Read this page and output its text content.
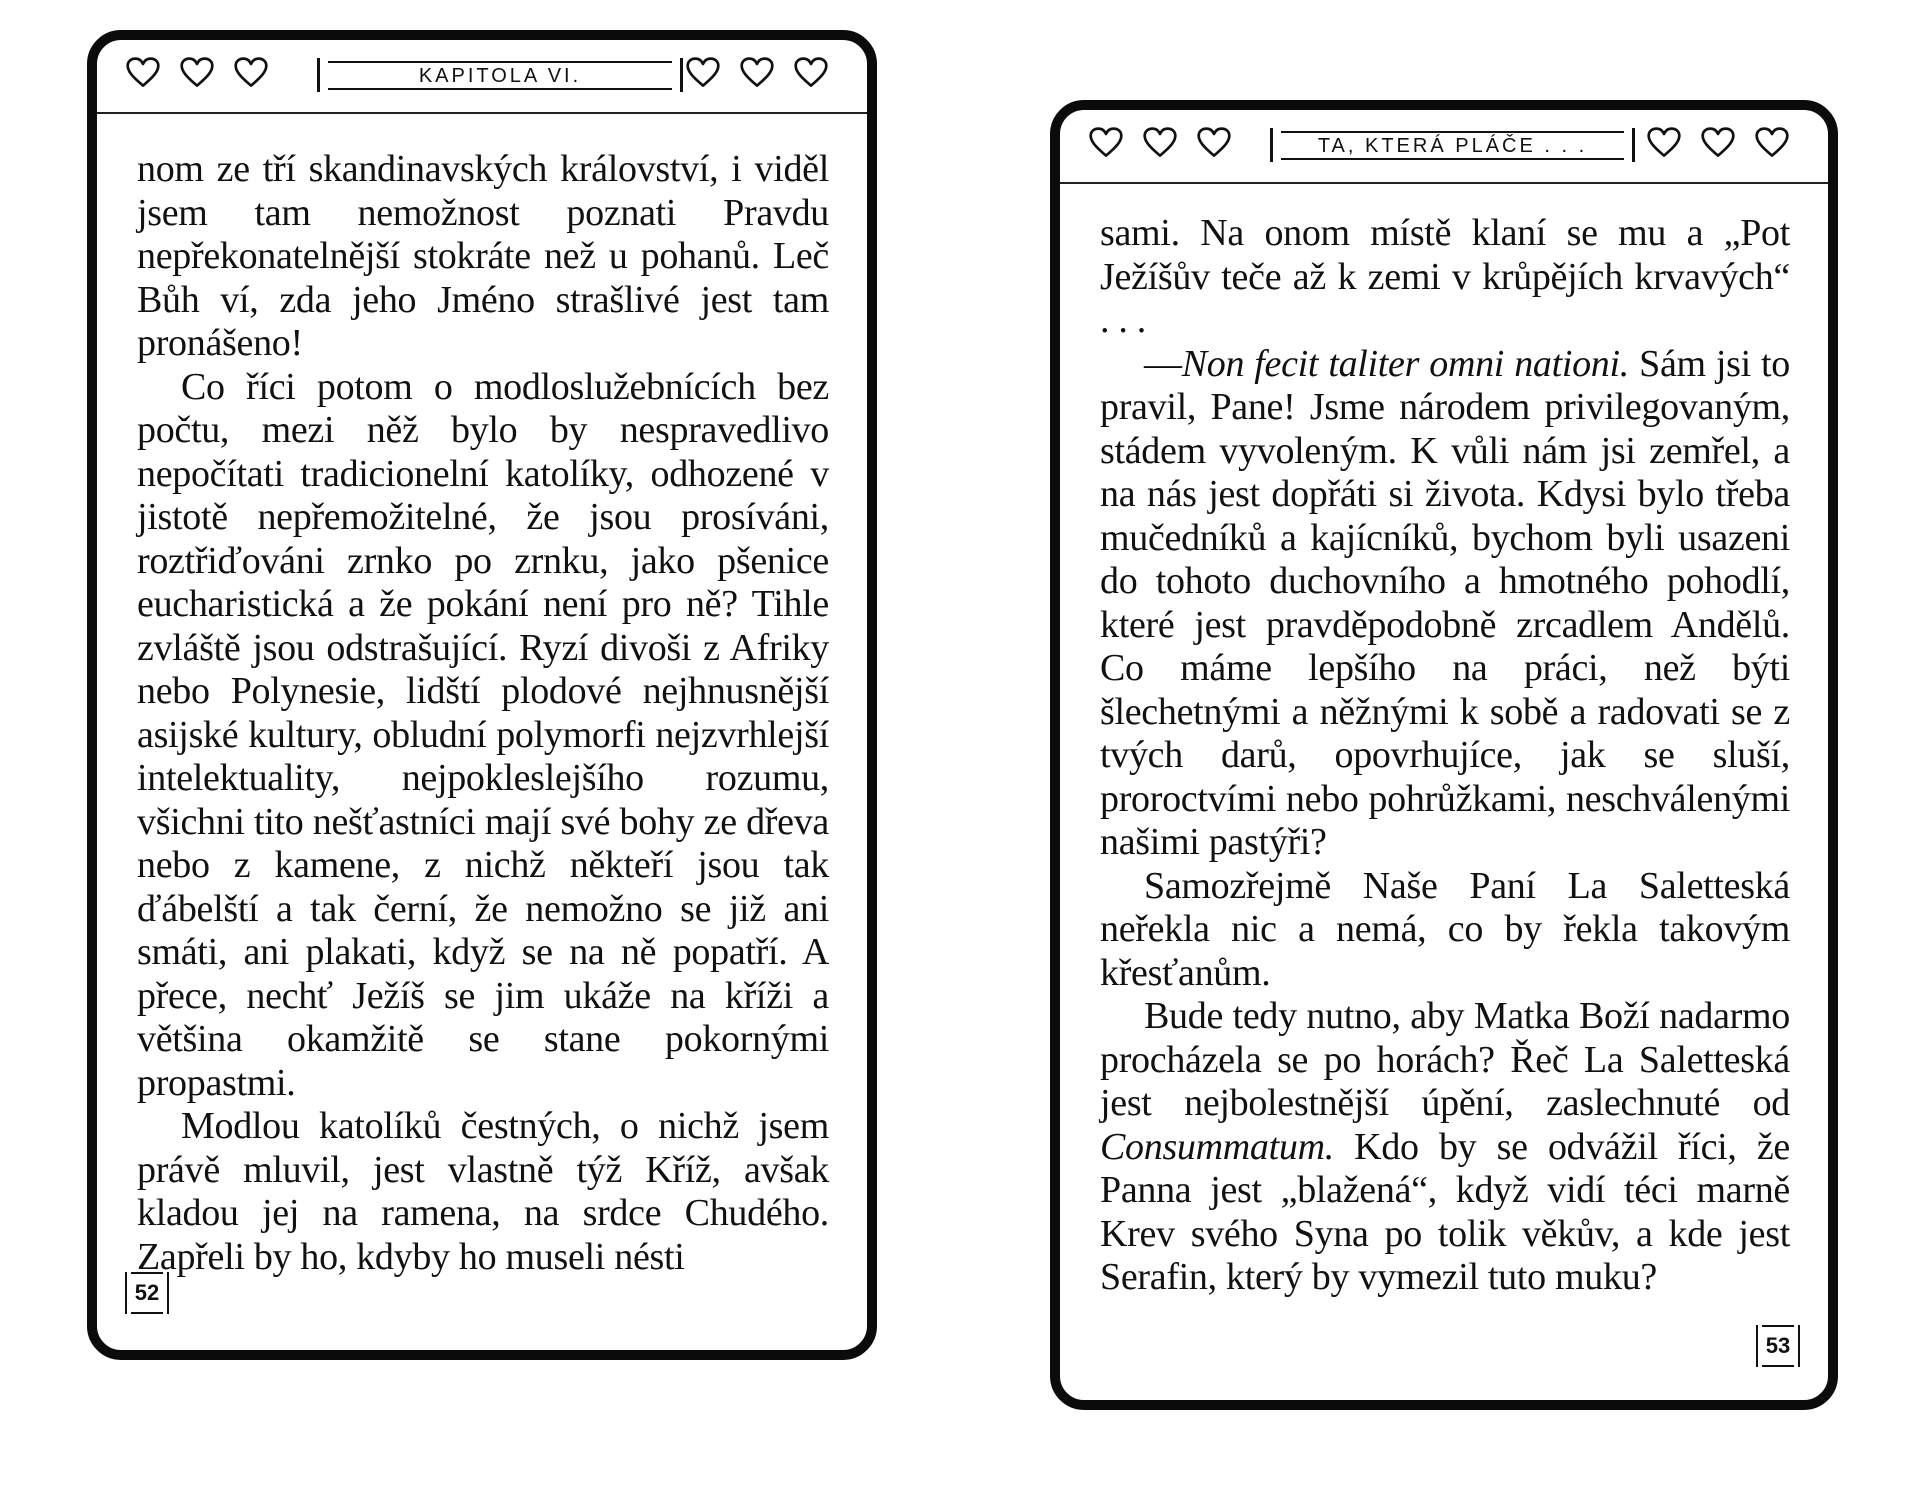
KAPITOLA VI.

nom ze tří skandinavských království, i viděl jsem tam nemožnost poznati Pravdu nepřekonatelnější stokráte než u pohanů. Leč Bůh ví, zda jeho Jméno strašlivé jest tam pronášeno!

Co říci potom o modloslužebnících bez počtu, mezi něž bylo by nespravedlivo nepočítati tradicionelní katolíky, odhozené v jistotě nepřemožitelné, že jsou prosíváni, roztřiďováni zrnko po zrnku, jako pšenice eucharistická a že pokání není pro ně? Tihle zvláště jsou odstrašující. Ryzí divoši z Afriky nebo Polynesie, lidští plodové nejhnusnější asijské kultury, obludní polymorfi nejzvrhlejší intelektuality, nejpokleslejšího rozumu, všichni tito nešťastníci mají své bohy ze dřeva nebo z kamene, z nichž někteří jsou tak ďábelští a tak černí, že nemožno se již ani smáti, ani plakati, když se na ně popatří. A přece, nechť Ježíš se jim ukáže na kříži a většina okamžitě se stane pokornými propastmi.

Modlou katolíků čestných, o nichž jsem právě mluvil, jest vlastně týž Kříž, avšak kladou jej na ramena, na srdce Chudého. Zapřeli by ho, kdyby ho museli nésti

52
TA, KTERÁ PLÁČE . . .

sami. Na onom místě klaní se mu a „Pot Ježíšův teče až k zemi v krůpějích krvavých“ . . .

—Non fecit taliter omni nationi. Sám jsi to pravil, Pane! Jsme národem privilegovaným, stádem vyvoleným. K vůli nám jsi zemřel, a na nás jest dopřáti si života. Kdysi bylo třeba mučedníků a kajícníků, bychom byli usazeni do tohoto duchovního a hmotného pohodlí, které jest pravděpodobně zrcadlem Andělů. Co máme lepšího na práci, než býti šlechetnými a něžnými k sobě a radovati se z tvých darů, opovrhujíce, jak se sluší, proroctvími nebo pohrůžkami, neschválenými našimi pastýři?

Samozřejmě Naše Paní La Saletteská neřekla nic a nemá, co by řekla takovým křesťanům.

Bude tedy nutno, aby Matka Boží nadarmo procházela se po horách? Řeč La Saletteská jest nejbolestnější úpění, zaslechnuté od Consummatum. Kdo by se odvážil říci, že Panna jest „blažená“, když vidí téci marně Krev svého Syna po tolik věkův, a kde jest Serafin, který by vymezil tuto muku?

53
